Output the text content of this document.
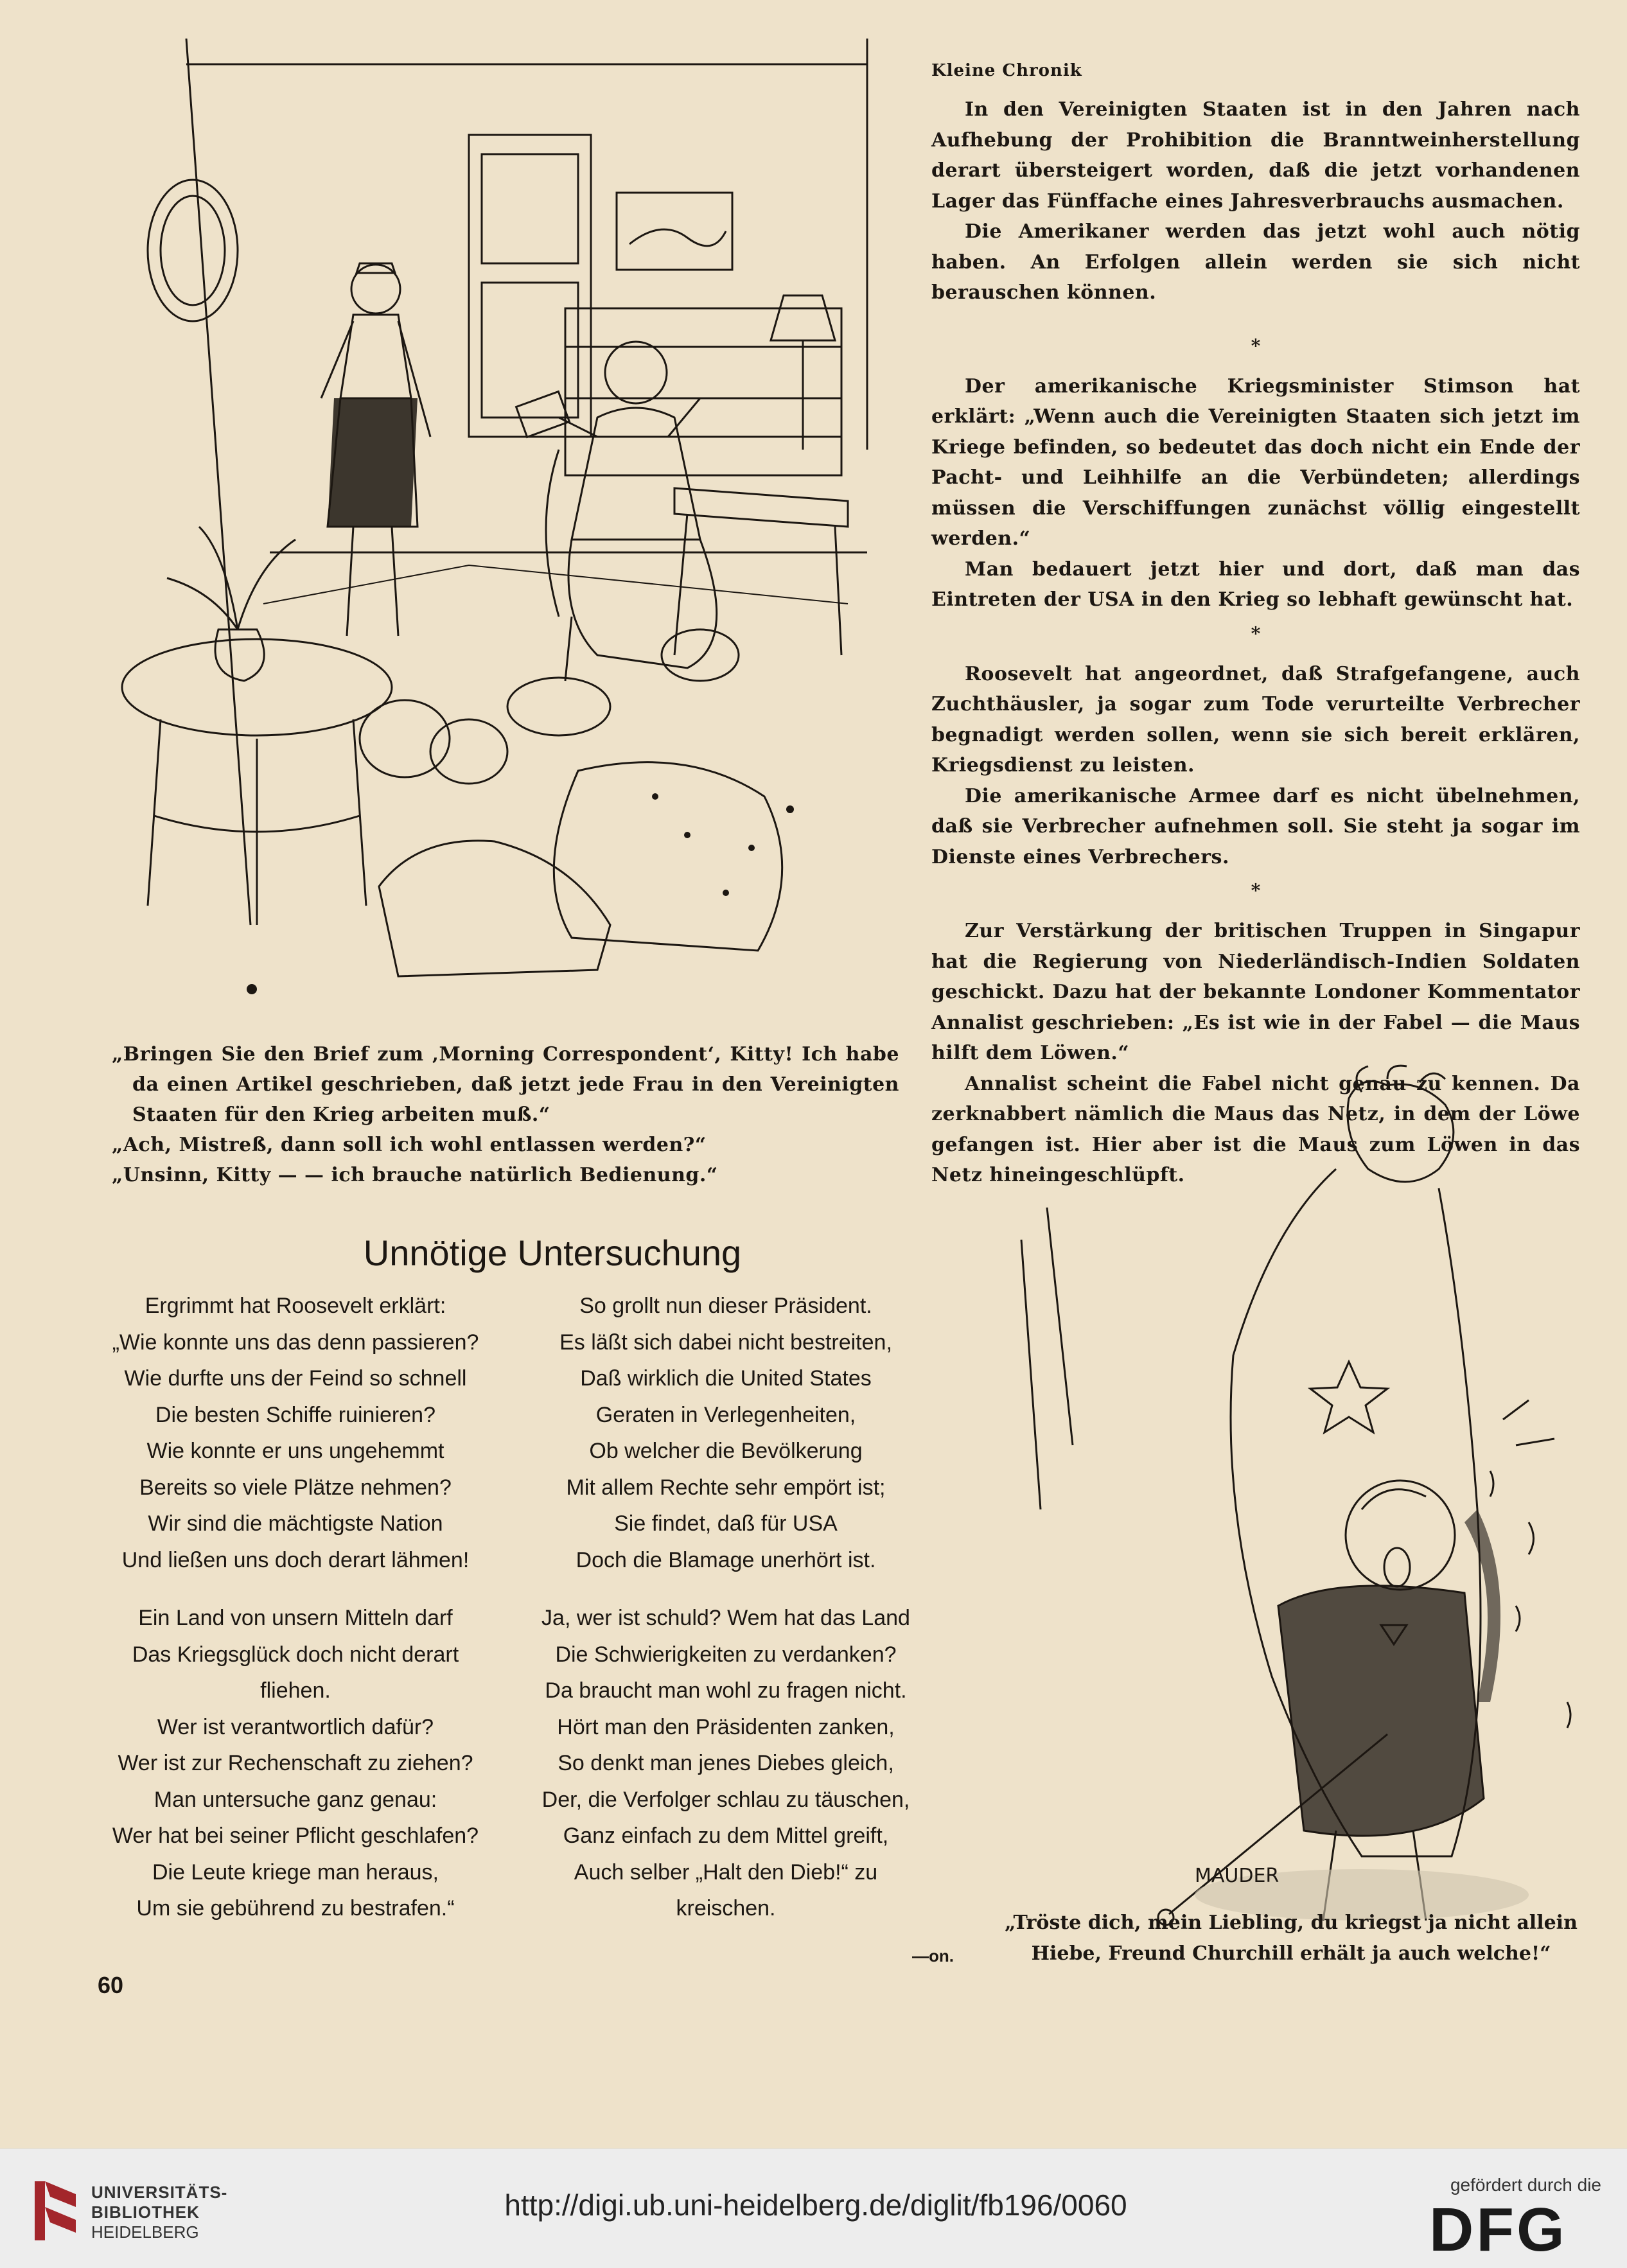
Kleine Chronik

In den Vereinigten Staaten ist in den Jahren nach Aufhebung der Prohibition die Branntweinherstellung derart übersteigert worden, daß die jetzt vorhandenen Lager das Fünffache eines Jahresverbrauchs ausmachen.

Die Amerikaner werden das jetzt wohl auch nötig haben. An Erfolgen allein werden sie sich nicht berauschen können.

*

Der amerikanische Kriegsminister Stimson hat erklärt: „Wenn auch die Vereinigten Staaten sich jetzt im Kriege befinden, so bedeutet das doch nicht ein Ende der Pacht- und Leihhilfe an die Verbündeten; allerdings müssen die Verschiffungen zunächst völlig eingestellt werden.“

Man bedauert jetzt hier und dort, daß man das Eintreten der USA in den Krieg so lebhaft gewünscht hat.

*

Roosevelt hat angeordnet, daß Strafgefangene, auch Zuchthäusler, ja sogar zum Tode verurteilte Verbrecher begnadigt werden sollen, wenn sie sich bereit erklären, Kriegsdienst zu leisten.

Die amerikanische Armee darf es nicht übelnehmen, daß sie Verbrecher aufnehmen soll. Sie steht ja sogar im Dienste eines Verbrechers.

*

Zur Verstärkung der britischen Truppen in Singapur hat die Regierung von Niederländisch-Indien Soldaten geschickt. Dazu hat der bekannte Londoner Kommentator Annalist geschrieben: „Es ist wie in der Fabel — die Maus hilft dem Löwen.“

Annalist scheint die Fabel nicht genau zu kennen. Da zerknabbert nämlich die Maus das Netz, in dem der Löwe gefangen ist. Hier aber ist die Maus zum Löwen in das Netz hineingeschlüpft.

„Bringen Sie den Brief zum ‚Morning Correspondent‘, Kitty! Ich habe da einen Artikel geschrieben, daß jetzt jede Frau in den Vereinigten Staaten für den Krieg arbeiten muß.“

„Ach, Mistreß, dann soll ich wohl entlassen werden?“

„Unsinn, Kitty — — ich brauche natürlich Bedienung.“

Unnötige Untersuchung
Ergrimmt hat Roosevelt erklärt:
„Wie konnte uns das denn passieren?
Wie durfte uns der Feind so schnell
Die besten Schiffe ruinieren?
Wie konnte er uns ungehemmt
Bereits so viele Plätze nehmen?
Wir sind die mächtigste Nation
Und ließen uns doch derart lähmen!
Ein Land von unsern Mitteln darf
Das Kriegsglück doch nicht derart
fliehen.
Wer ist verantwortlich dafür?
Wer ist zur Rechenschaft zu ziehen?
Man untersuche ganz genau:
Wer hat bei seiner Pflicht geschlafen?
Die Leute kriege man heraus,
Um sie gebührend zu bestrafen.“
So grollt nun dieser Präsident.
Es läßt sich dabei nicht bestreiten,
Daß wirklich die United States
Geraten in Verlegenheiten,
Ob welcher die Bevölkerung
Mit allem Rechte sehr empört ist;
Sie findet, daß für USA
Doch die Blamage unerhört ist.
Ja, wer ist schuld? Wem hat das Land
Die Schwierigkeiten zu verdanken?
Da braucht man wohl zu fragen nicht.
Hört man den Präsidenten zanken,
So denkt man jenes Diebes gleich,
Der, die Verfolger schlau zu täuschen,
Ganz einfach zu dem Mittel greift,
Auch selber „Halt den Dieb!“ zu
kreischen.
—on.
60
MAUDER
„Tröste dich, mein Liebling, du kriegst ja nicht allein
Hiebe, Freund Churchill erhält ja auch welche!“
UNIVERSITÄTS-
BIBLIOTHEK
HEIDELBERG
http://digi.ub.uni-heidelberg.de/diglit/fb196/0060
gefördert durch die
DFG
